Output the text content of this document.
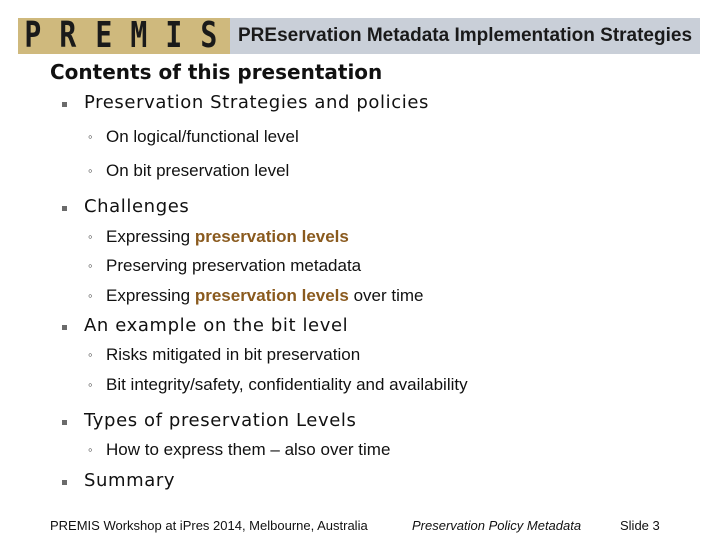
P R E M I S	PREservation Metadata Implementation Strategies
Contents of this presentation
Preservation Strategies and policies
◦ On logical/functional level
◦ On bit preservation level
Challenges
◦ Expressing preservation levels
◦ Preserving preservation metadata
◦ Expressing preservation levels over time
An example on the bit level
◦ Risks mitigated in bit preservation
◦ Bit integrity/safety, confidentiality and availability
Types of preservation Levels
◦ How to express them – also over time
Summary
PREMIS Workshop at iPres 2014, Melbourne, Australia	Preservation Policy Metadata	Slide 3
